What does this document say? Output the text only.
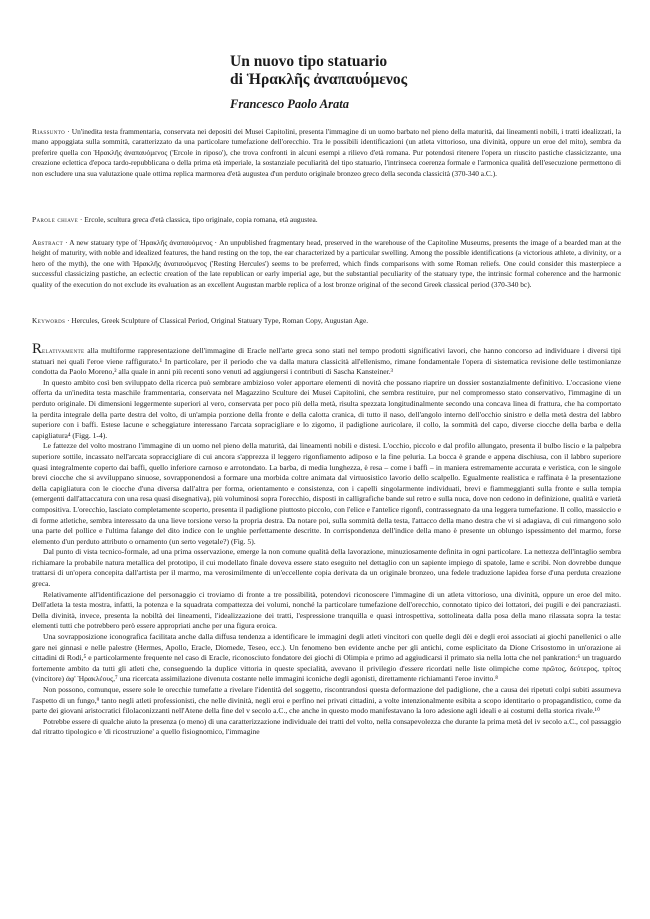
Un nuovo tipo statuario
di Ἡρακλῆς ἀναπαυόμενος
Francesco Paolo Arata
Riassunto · Un'inedita testa frammentaria, conservata nei depositi dei Musei Capitolini, presenta l'immagine di un uomo barbato nel pieno della maturità, dai lineamenti nobili, i tratti idealizzati, la mano appoggiata sulla sommità, caratterizzato da una particolare tumefazione dell'orecchio. Tra le possibili identificazioni (un atleta vittorioso, una divinità, oppure un eroe del mito), sembra da preferire quella con Ἡρακλῆς ἀναπαυόμενος ('Ercole in riposo'), che trova confronti in alcuni esempi a rilievo d'età romana. Pur potendosi ritenere l'opera un riuscito pastiche classicizzante, una creazione eclettica d'epoca tardo-repubblicana o della prima età imperiale, la sostanziale peculiarità del tipo statuario, l'intrinseca coerenza formale e l'armonica qualità dell'esecuzione permettono di non escludere una sua valutazione quale ottima replica marmorea d'età augustea d'un perduto originale bronzeo greco della seconda classicità (370-340 a.C.).
Parole chiave · Ercole, scultura greca d'età classica, tipo originale, copia romana, età augustea.
Abstract · A new statuary type of Ἡρακλῆς ἀναπαυόμενος · An unpublished fragmentary head, preserved in the warehouse of the Capitoline Museums, presents the image of a bearded man at the height of maturity, with noble and idealized features, the hand resting on the top, the ear characterized by a particular swelling. Among the possible identifications (a victorious athlete, a divinity, or a hero of the myth), the one with Ἡρακλῆς ἀναπαυόμενος ('Resting Hercules') seems to be preferred, which finds comparisons with some Roman reliefs. One could consider this masterpiece a successful classicizing pastiche, an eclectic creation of the late republican or early imperial age, but the substantial peculiarity of the statuary type, the intrinsic formal coherence and the harmonic quality of the execution do not exclude its evaluation as an excellent Augustan marble replica of a lost bronze original of the second Greek classical period (370-340 bc).
Keywords · Hercules, Greek Sculpture of Classical Period, Original Statuary Type, Roman Copy, Augustan Age.

Relativamente alla multiforme rappresentazione dell'immagine di Eracle nell'arte greca sono stati nel tempo prodotti significativi lavori, che hanno concorso ad individuare i diversi tipi statuari nei quali l'eroe viene raffigurato.¹ In particolare, per il periodo che va dalla matura classicità all'ellenismo, rimane fondamentale l'opera di sistematica revisione delle testimonianze condotta da Paolo Moreno,² alla quale in anni più recenti sono venuti ad aggiungersi i contributi di Sascha Kansteiner.³

In questo ambito così ben sviluppato della ricerca può sembrare ambizioso voler apportare elementi di novità che possano riaprire un dossier sostanzialmente definitivo. L'occasione viene offerta da un'inedita testa maschile frammentaria, conservata nel Magazzino Sculture dei Musei Capitolini, che sembra restituire, pur nel compromesso stato conservativo, l'immagine di un perduto originale. Di dimensioni leggermente superiori al vero, conservata per poco più della metà, risulta spezzata longitudinalmente secondo una concava linea di frattura, che ha comportato la perdita integrale della parte destra del volto, di un'ampia porzione della fronte e della calotta cranica, di tutto il naso, dell'angolo interno dell'occhio sinistro e della metà destra del labbro superiore con i baffi. Estese lacune e scheggiature interessano l'arcata sopracigliare e lo zigomo, il padiglione auricolare, il collo, la sommità del capo, diverse ciocche della barba e della capigliatura⁴ (Figg. 1-4).

Le fattezze del volto mostrano l'immagine di un uomo nel pieno della maturità, dai lineamenti nobili e distesi. L'occhio, piccolo e dal profilo allungato, presenta il bulbo liscio e la palpebra superiore sottile, incassato nell'arcata sopraccigliare di cui ancora s'apprezza il leggero rigonfiamento adiposo e la fine peluria. La bocca è grande e appena dischiusa, con il labbro superiore quasi integralmente coperto dai baffi, quello inferiore carnoso e arrotondato. La barba, di media lunghezza, è resa – come i baffi – in maniera estremamente accurata e veristica, con le singole brevi ciocche che si avviluppano sinuose, sovrapponendosi a formare una morbida coltre animata dal virtuosistico lavorio dello scalpello. Egualmente realistica e raffinata è la presentazione della capigliatura con le ciocche d'una diversa dall'altra per forma, orientamento e consistenza, con i capelli singolarmente individuati, brevi e fiammeggianti sulla fronte e sulla tempia (emergenti dall'attaccatura con una resa quasi disegnativa), più voluminosi sopra l'orecchio, disposti in calligrafiche bande sul retro e sulla nuca, dove non cedono in definizione, qualità e varietà compositiva. L'orecchio, lasciato completamente scoperto, presenta il padiglione piuttosto piccolo, con l'elice e l'antelice rigonfi, contrassegnato da una leggera tumefazione. Il collo, massiccio e di forme atletiche, sembra interessato da una lieve torsione verso la propria destra. Da notare poi, sulla sommità della testa, l'attacco della mano destra che vi si adagiava, di cui rimangono solo una parte del pollice e l'ultima falange del dito indice con le unghie perfettamente descritte. In corrispondenza dell'indice della mano è presente un oblungo ispessimento del marmo, forse elemento d'un perduto attributo o ornamento (un serto vegetale?) (Fig. 5).

Dal punto di vista tecnico-formale, ad una prima osservazione, emerge la non comune qualità della lavorazione, minuziosamente definita in ogni particolare. La nettezza dell'intaglio sembra richiamare la probabile natura metallica del prototipo, il cui modellato finale doveva essere stato eseguito nel dettaglio con un sapiente impiego di spatole, lame e scribi. Non dovrebbe dunque trattarsi di un'opera concepita dall'artista per il marmo, ma verosimilmente di un'eccellente copia derivata da un originale bronzeo, una fedele traduzione lapidea forse d'una perduta creazione greca.

Relativamente all'identificazione del personaggio ci troviamo di fronte a tre possibilità, potendovi riconoscere l'immagine di un atleta vittorioso, una divinità, oppure un eroe del mito. Dell'atleta la testa mostra, infatti, la potenza e la squadrata compattezza dei volumi, nonché la particolare tumefazione dell'orecchio, connotato tipico dei lottatori, dei pugili e dei pancraziasti. Della divinità, invece, presenta la nobiltà dei lineamenti, l'idealizzazione dei tratti, l'espressione tranquilla e quasi introspettiva, sottolineata dalla posa della mano rilassata sopra la testa: elementi tutti che potrebbero però essere appropriati anche per una figura eroica.

Una sovrapposizione iconografica facilitata anche dalla diffusa tendenza a identificare le immagini degli atleti vincitori con quelle degli dèi e degli eroi associati ai giochi panellenici o alle gare nei ginnasi e nelle palestre (Hermes, Apollo, Eracle, Diomede, Teseo, ecc.). Un fenomeno ben evidente anche per gli antichi, come esplicitato da Dione Crisostomo in un'orazione ai cittadini di Rodi,⁵ e particolarmente frequente nel caso di Eracle, riconosciuto fondatore dei giochi di Olimpia e primo ad aggiudicarsi il primato sia nella lotta che nel pankration:⁶ un traguardo fortemente ambito da tutti gli atleti che, conseguendo la duplice vittoria in queste specialità, avevano il privilegio d'essere ricordati nelle liste olimpiche come πρῶτος, δεύτερος, τρίτος (vincitore) ἀφ' Ἡρακλέους,⁷ una ricercata assimilazione divenuta costante nelle immagini iconiche degli agonisti, direttamente richiamanti l'eroe invitto.⁸

Non possono, comunque, essere sole le orecchie tumefatte a rivelare l'identità del soggetto, riscontrandosi questa deformazione del padiglione, che a causa dei ripetuti colpi subiti assumeva l'aspetto di un fungo,⁹ tanto negli atleti professionisti, che nelle divinità, negli eroi e perfino nei privati cittadini, a volte intenzionalmente esibita a scopo identitario o propagandistico, come da parte dei giovani aristocratici filolaconizzanti nell'Atene della fine del v secolo a.C., che anche in questo modo manifestavano la loro adesione agli ideali e ai costumi della storica rivale.¹⁰

Potrebbe essere di qualche aiuto la presenza (o meno) di una caratterizzazione individuale dei tratti del volto, nella consapevolezza che durante la prima metà del iv secolo a.C., col passaggio dal ritratto tipologico e 'di ricostruzione' a quello fisiognomico, l'immagine
